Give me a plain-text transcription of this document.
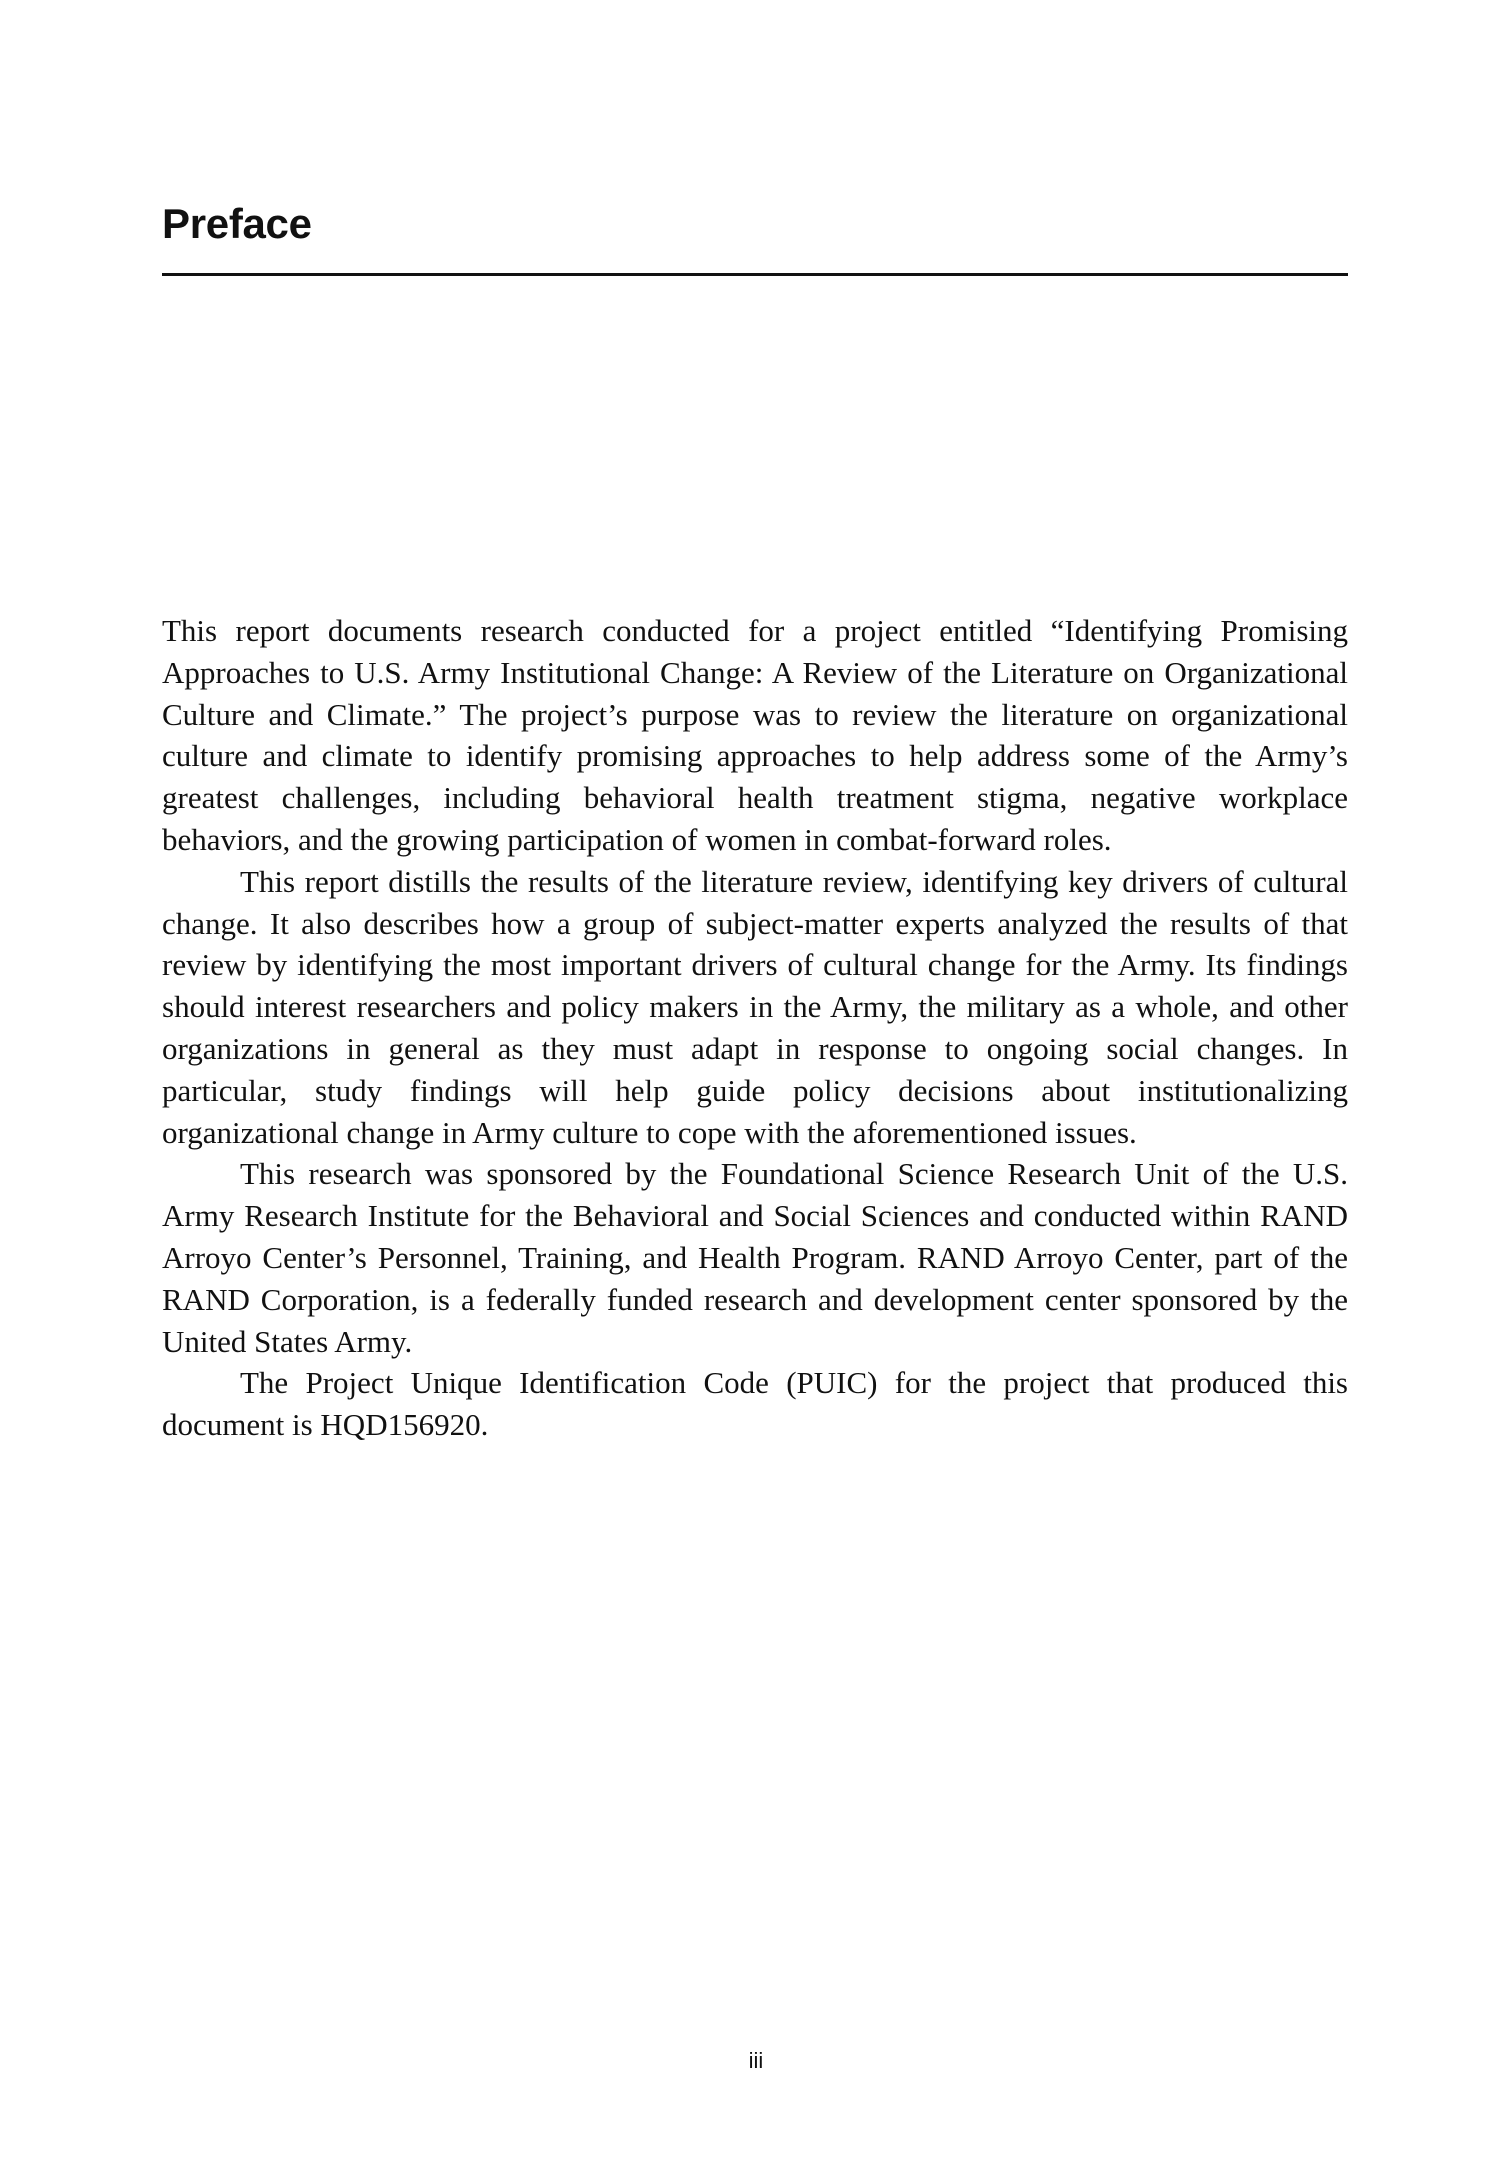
Preface

This report documents research conducted for a project entitled “Identifying Promising Approaches to U.S. Army Institutional Change: A Review of the Literature on Organizational Culture and Climate.” The project’s purpose was to review the literature on organizational culture and climate to identify promising approaches to help address some of the Army’s greatest challenges, including behavioral health treatment stigma, negative workplace behaviors, and the growing participation of women in combat-forward roles.

This report distills the results of the literature review, identifying key drivers of cultural change. It also describes how a group of subject-matter experts analyzed the results of that review by identifying the most important drivers of cultural change for the Army. Its findings should interest researchers and policy makers in the Army, the military as a whole, and other organizations in general as they must adapt in response to ongoing social changes. In particular, study findings will help guide policy decisions about institutionalizing organizational change in Army culture to cope with the aforementioned issues.

This research was sponsored by the Foundational Science Research Unit of the U.S. Army Research Institute for the Behavioral and Social Sciences and conducted within RAND Arroyo Center’s Personnel, Training, and Health Program. RAND Arroyo Center, part of the RAND Corporation, is a federally funded research and development center sponsored by the United States Army.

The Project Unique Identification Code (PUIC) for the project that produced this document is HQD156920.

iii
